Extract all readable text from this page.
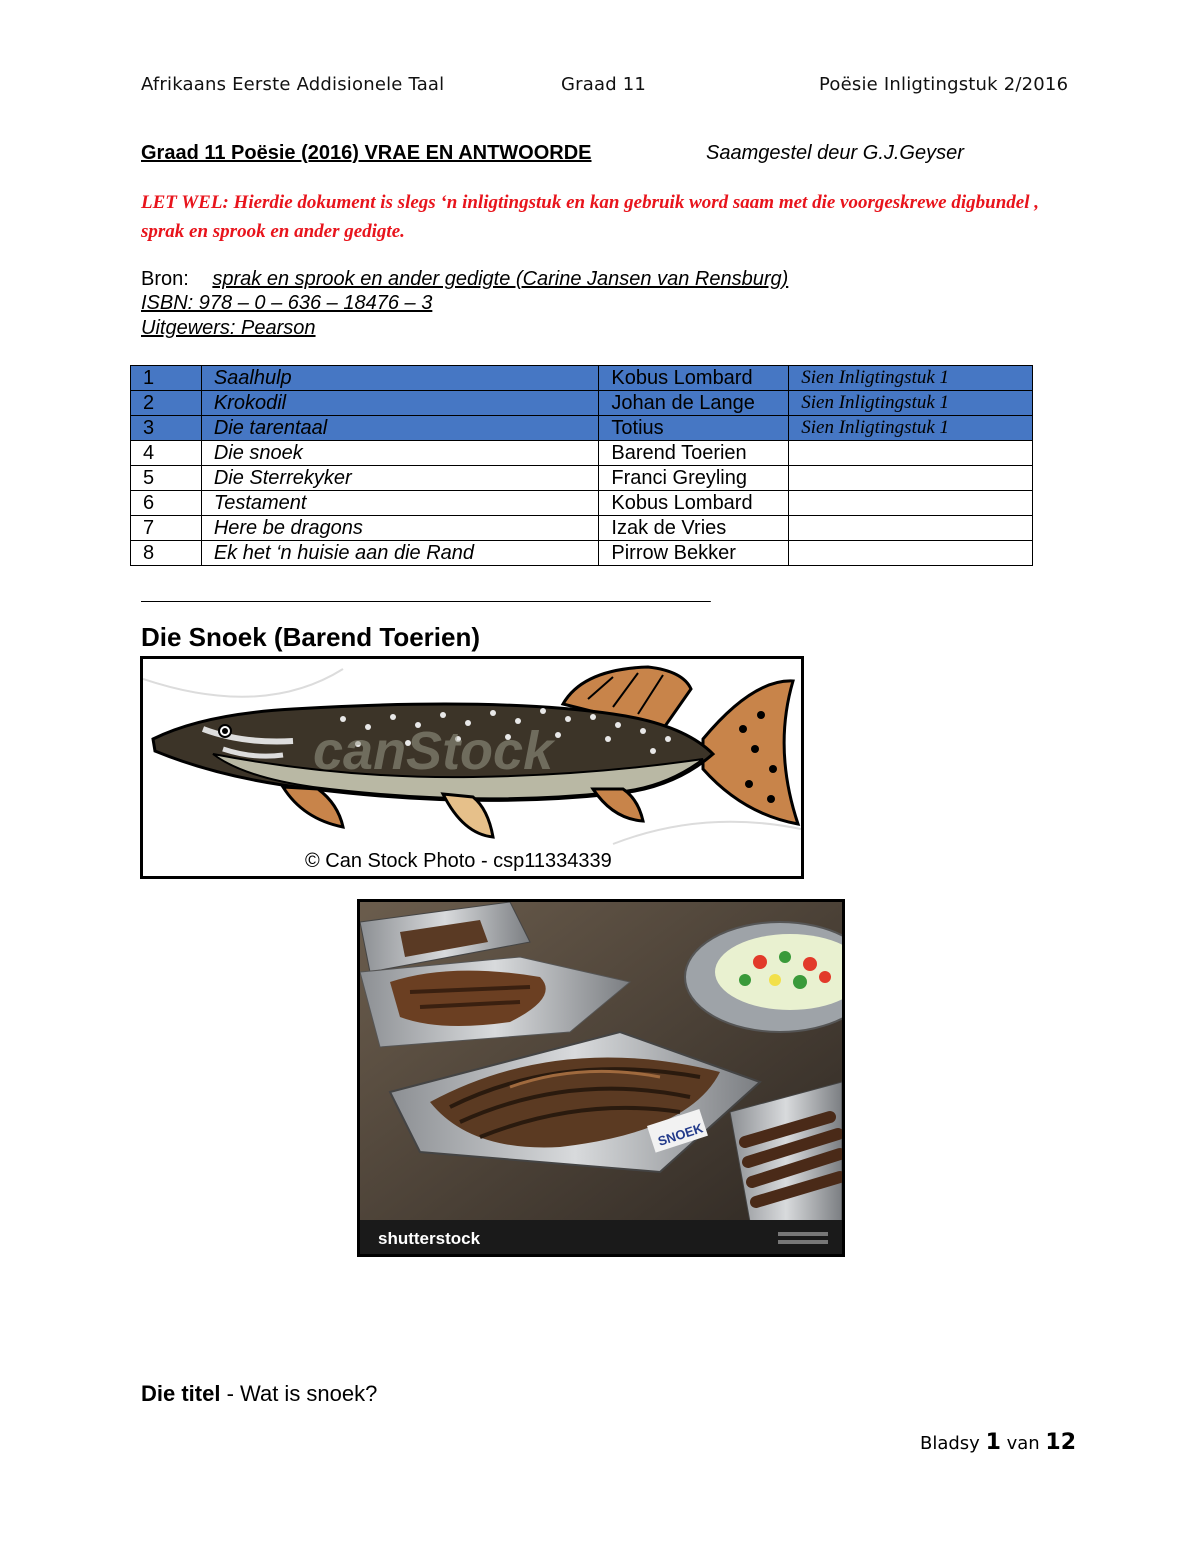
Afrikaans Eerste Addisionele Taal	Graad 11	Poësie Inligtingstuk 2/2016
Graad 11 Poësie (2016) VRAE EN ANTWOORDE	Saamgestel deur G.J.Geyser
LET WEL: Hierdie dokument is slegs ‘n inligtingstuk en kan gebruik word saam met die voorgeskrewe digbundel , sprak en sprook en ander gedigte.
Bron: sprak en sprook en ander gedigte (Carine Jansen van Rensburg)
ISBN: 978 – 0 – 636 – 18476 – 3
Uitgewers: Pearson
1	Saalhulp	Kobus Lombard	Sien Inligtingstuk 1
2	Krokodil	Johan de Lange	Sien Inligtingstuk 1
3	Die tarentaal	Totius	Sien Inligtingstuk 1
4	Die snoek	Barend Toerien	
5	Die Sterrekyker	Franci Greyling	
6	Testament	Kobus Lombard	
7	Here be dragons	Izak de Vries	
8	Ek het ‘n huisie aan die Rand	Pirrow Bekker	
________________________________________________________________________
Die Snoek (Barend Toerien)
canStock
© Can Stock Photo - csp11334339
SNOEK
shutterstock
Die titel - Wat is snoek?
Bladsy 1 van 12
